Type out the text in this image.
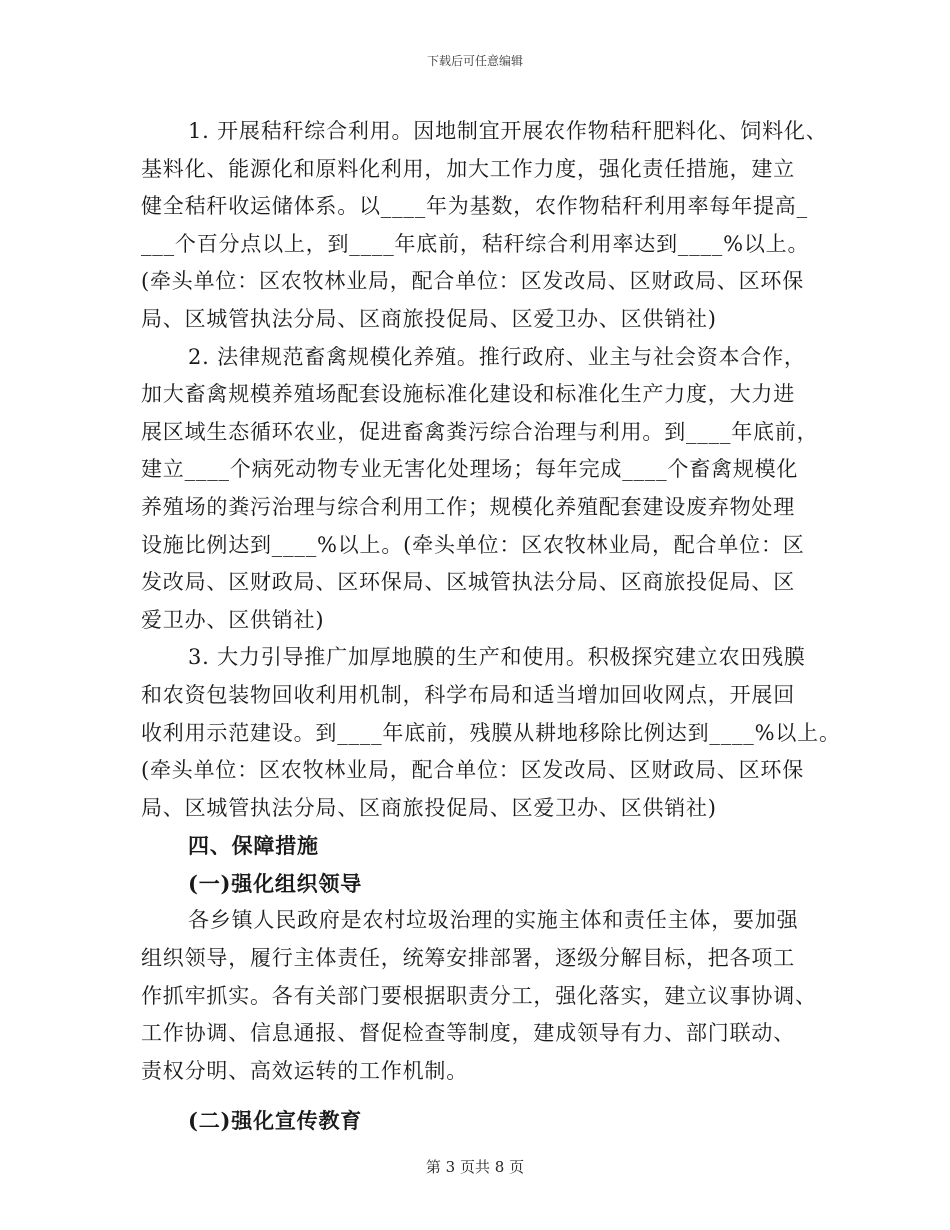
下载后可任意编辑
1. 开展秸秆综合利用。因地制宜开展农作物秸秆肥料化、饲料化、
基料化、能源化和原料化利用，加大工作力度，强化责任措施，建立
健全秸秆收运储体系。以____年为基数，农作物秸秆利用率每年提高_
___个百分点以上，到____年底前，秸秆综合利用率达到____%以上。
(牵头单位：区农牧林业局，配合单位：区发改局、区财政局、区环保
局、区城管执法分局、区商旅投促局、区爱卫办、区供销社)
2. 法律规范畜禽规模化养殖。推行政府、业主与社会资本合作，
加大畜禽规模养殖场配套设施标准化建设和标准化生产力度，大力进
展区域生态循环农业，促进畜禽粪污综合治理与利用。到____年底前，
建立____个病死动物专业无害化处理场；每年完成____个畜禽规模化
养殖场的粪污治理与综合利用工作；规模化养殖配套建设废弃物处理
设施比例达到____%以上。(牵头单位：区农牧林业局，配合单位：区
发改局、区财政局、区环保局、区城管执法分局、区商旅投促局、区
爱卫办、区供销社)
3. 大力引导推广加厚地膜的生产和使用。积极探究建立农田残膜
和农资包装物回收利用机制，科学布局和适当增加回收网点，开展回
收利用示范建设。到____年底前，残膜从耕地移除比例达到____%以上。
(牵头单位：区农牧林业局，配合单位：区发改局、区财政局、区环保
局、区城管执法分局、区商旅投促局、区爱卫办、区供销社)
四、保障措施
(一)强化组织领导
各乡镇人民政府是农村垃圾治理的实施主体和责任主体，要加强
组织领导，履行主体责任，统筹安排部署，逐级分解目标，把各项工
作抓牢抓实。各有关部门要根据职责分工，强化落实，建立议事协调、
工作协调、信息通报、督促检查等制度，建成领导有力、部门联动、
责权分明、高效运转的工作机制。
(二)强化宣传教育
第 3 页共 8 页
